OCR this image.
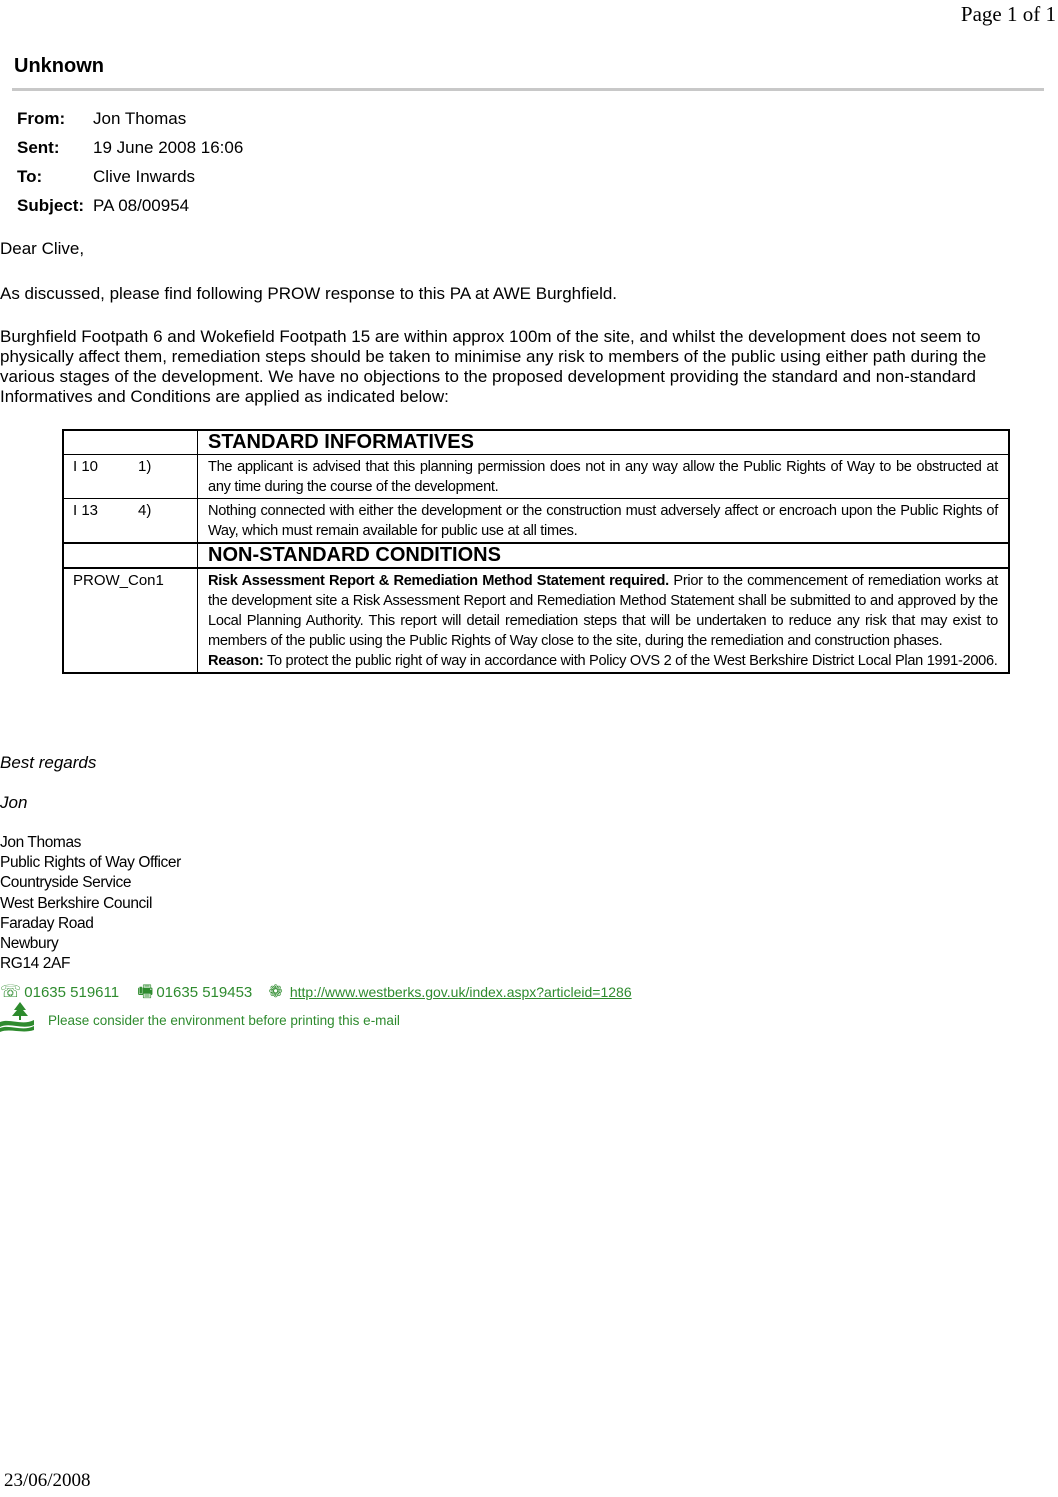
Page 1 of 1
Unknown
From:	Jon Thomas
Sent:	19 June 2008 16:06
To:	Clive Inwards
Subject:	PA 08/00954
Dear Clive,
As discussed, please find following PROW response to this PA at AWE Burghfield.
Burghfield Footpath 6 and Wokefield Footpath 15 are within approx 100m of the site, and whilst the development does not seem to physically affect them, remediation steps should be taken to minimise any risk to members of the public using either path during the various stages of the development. We have no objections to the proposed development providing the standard and non-standard Informatives and Conditions are applied as indicated below:
	STANDARD INFORMATIVES
I 10 1)	The applicant is advised that this planning permission does not in any way allow the Public Rights of Way to be obstructed at any time during the course of the development.
I 13 4)	Nothing connected with either the development or the construction must adversely affect or encroach upon the Public Rights of Way, which must remain available for public use at all times.
	NON-STANDARD CONDITIONS
PROW_Con1	Risk Assessment Report & Remediation Method Statement required. Prior to the commencement of remediation works at the development site a Risk Assessment Report and Remediation Method Statement shall be submitted to and approved by the Local Planning Authority. This report will detail remediation steps that will be undertaken to reduce any risk that may exist to members of the public using the Public Rights of Way close to the site, during the remediation and construction phases.
Reason: To protect the public right of way in accordance with Policy OVS 2 of the West Berkshire District Local Plan 1991-2006.
Best regards
Jon
Jon Thomas
Public Rights of Way Officer
Countryside Service
West Berkshire Council
Faraday Road
Newbury
RG14 2AF
☏ 01635 519611 🖷 01635 519453 ❁ http://www.westberks.gov.uk/index.aspx?articleid=1286
Please consider the environment before printing this e-mail
23/06/2008
